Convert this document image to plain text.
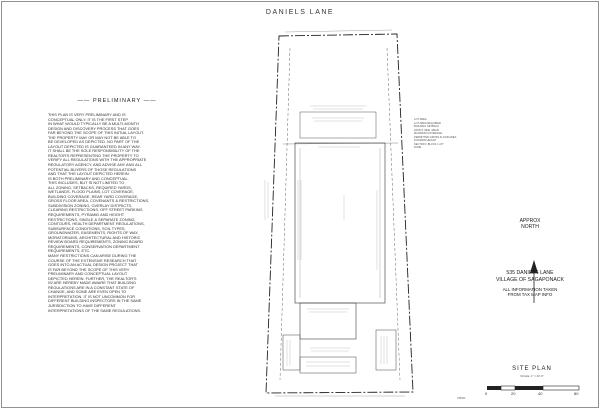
DANIELS LANE
—— PRELIMINARY ——
THIS PLAN IS VERY PRELIMINARY AND IS
CONCEPTUAL ONLY. IT IS THE FIRST STEP
IN WHAT WOULD TYPICALLY BE A MULTI-MONTH
DESIGN AND DISCOVERY PROCESS THAT GOES
FAR BEYOND THE SCOPE OF THIS INITIAL LAYOUT.
THE PROPERTY MAY OR MAY NOT BE ABLE TO
BE DEVELOPED AS DEPICTED. NO PART OF THE
LAYOUT DEPICTED IS GUARANTEED IN ANY WAY.
IT SHALL BE THE SOLE RESPONSIBILITY OF THE
REALTOR'S REPRESENTING THE PROPERTY TO
VERIFY ALL REGULATIONS WITH THE APPROPRIATE
REGULATORY AGENCY, AND ADVISE ANY AND ALL
POTENTIAL BUYERS OF THOSE REGULATIONS
AND THAT THE LAYOUT DEPICTED HEREIN
IS BOTH PRELIMINARY AND CONCEPTUAL.
THIS INCLUDES, BUT IS NOT LIMITED TO
ALL ZONING, SETBACKS, REQUIRED YARDS,
WETLANDS, FLOOD PLAINS, LOT COVERAGE,
BUILDING COVERAGE, REAR YARD COVERAGE,
GROSS FLOOR AREA, COVENANTS & RESTRICTIONS,
SUBDIVISION ZONING, OVERLAY DISTRICTS,
CLEARING RESTRICTIONS, OFF STREET PARKING
REQUIREMENTS, PYRAMID AND HEIGHT
RESTRICTIONS, SINGLE & SEPARATE ZONING,
CONTOURS, HEALTH DEPARTMENT REGULATIONS,
SUBSURFACE CONDITIONS, SOIL TYPES,
GROUNDWATER, EASEMENTS, RIGHTS OF WAY,
MORATORIUMS, ARCHITECTURAL AND HISTORIC
REVIEW BOARD REQUIREMENTS, ZONING BOARD
REQUIREMENTS, CONSERVATION DEPARTMENT
REQUIREMENTS, ETC.
MANY RESTRICTIONS CAN ARISE DURING THE
COURSE OF THE EXTENSIVE RESEARCH THAT
GOES INTO AN ACTUAL DESIGN PROJECT THAT
IS FAR BEYOND THE SCOPE OF THIS VERY
PRELIMINARY AND CONCEPTUAL LAYOUT
DEPICTED HEREIN. FURTHER, THE REALTOR'S
IS/ ARE HEREBY MADE AWARE THAT BUILDING
REGULATIONS ARE IN A CONSTANT STATE OF
CHANGE, AND SOME ARE EVEN OPEN TO
INTERPRETATION. IT IS NOT UNCOMMON FOR
DIFFERENT BUILDING INSPECTORS IN THE SAME
JURISDICTION TO HAVE DIFFERENT
INTERPRETATIONS OF THE SAME REGULATIONS.
LOT AREA
LOT AREA REQUIRED
BUILDING SETBACK
FRONT, SIDE, REAR
MAXIMUM COVERAGE
PERMITTED GROSS FLOOR AREA
PYRAMID HEIGHT
SECTION / BLOCK / LOT
ZONE
APPROX
NORTH
535 DANIELS LANE
VILLAGE OF SAGAPONACK
ALL INFORMATION TAKEN
FROM TAX MAP INFO
SITE PLAN
SCALE: 1" = 20'-0"
7/8/20
0	20	40	80
